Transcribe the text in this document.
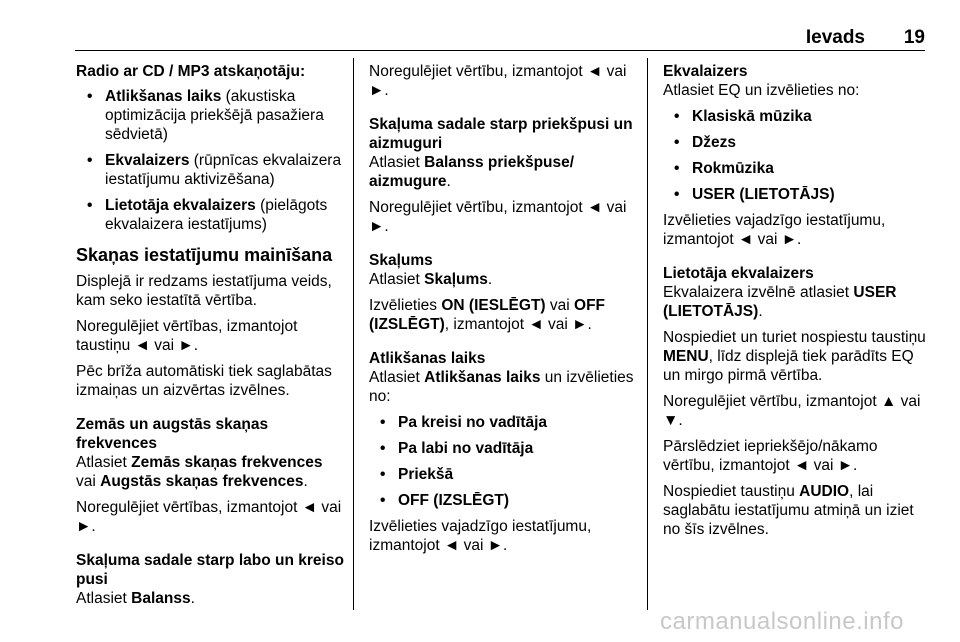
Ievads 19

Radio ar CD / MP3 atskaņotāju:

• Atlikšanas laiks (akustiska optimizācija priekšējā pasažiera sēdvietā)
• Ekvalaizers (rūpnīcas ekvalaizera iestatījumu aktivizēšana)
• Lietotāja ekvalaizers (pielāgots ekvalaizera iestatījums)
Skaņas iestatījumu mainīšana

Displejā ir redzams iestatījuma veids, kam seko iestatītā vērtība.

Noregulējiet vērtības, izmantojot taustiņu ◄ vai ►.

Pēc brīža automātiski tiek saglabātas izmaiņas un aizvērtas izvēlnes.

Zemās un augstās skaņas frekvences

Atlasiet Zemās skaņas frekvences vai Augstās skaņas frekvences.

Noregulējiet vērtības, izmantojot ◄ vai ►.

Skaļuma sadale starp labo un kreiso pusi

Atlasiet Balanss.

Noregulējiet vērtību, izmantojot ◄ vai ►.

Skaļuma sadale starp priekšpusi un aizmuguri

Atlasiet Balanss priekšpuse/ aizmugure.

Noregulējiet vērtību, izmantojot ◄ vai ►.

Skaļums

Atlasiet Skaļums.

Izvēlieties ON (IESLĒGT) vai OFF (IZSLĒGT), izmantojot ◄ vai ►.

Atlikšanas laiks

Atlasiet Atlikšanas laiks un izvēlieties no:

• Pa kreisi no vadītāja
• Pa labi no vadītāja
• Priekšā
• OFF (IZSLĒGT)

Izvēlieties vajadzīgo iestatījumu, izmantojot ◄ vai ►.

Ekvalaizers

Atlasiet EQ un izvēlieties no:

• Klasiskā mūzika
• Džezs
• Rokmūzika
• USER (LIETOTĀJS)

Izvēlieties vajadzīgo iestatījumu, izmantojot ◄ vai ►.

Lietotāja ekvalaizers

Ekvalaizera izvēlnē atlasiet USER (LIETOTĀJS).

Nospiediet un turiet nospiestu taustiņu MENU, līdz displejā tiek parādīts EQ un mirgo pirmā vērtība.

Noregulējiet vērtību, izmantojot ▲ vai ▼.

Pārslēdziet iepriekšējo/nākamo vērtību, izmantojot ◄ vai ►.

Nospiediet taustiņu AUDIO, lai saglabātu iestatījumu atmiņā un iziet no šīs izvēlnes.

carmanualsonline.info
